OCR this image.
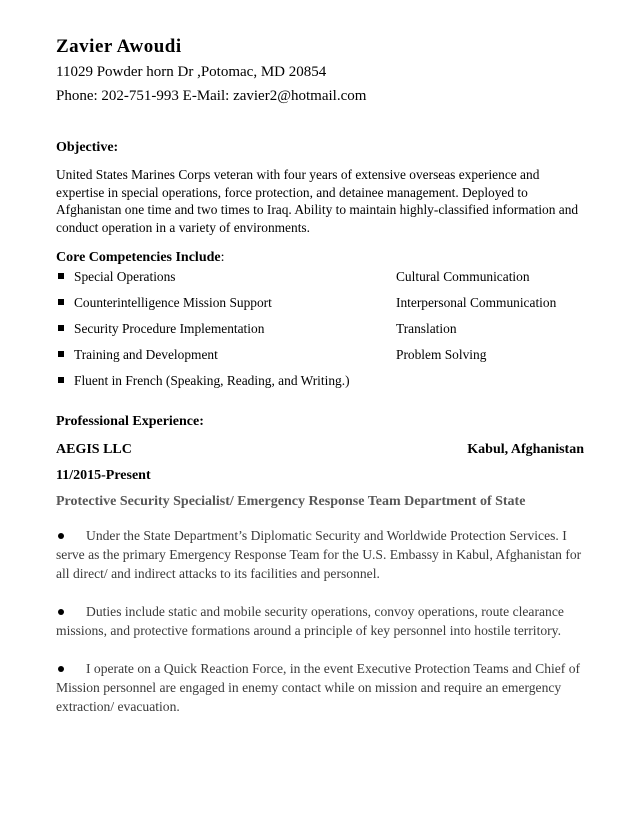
Zavier Awoudi

11029 Powder horn Dr ,Potomac, MD 20854

Phone: 202-751-993 E-Mail: zavier2@hotmail.com

Objective:

United States Marines Corps veteran with four years of extensive overseas experience and expertise in special operations, force protection, and detainee management. Deployed to Afghanistan one time and two times to Iraq. Ability to maintain highly-classified information and conduct operation in a variety of environments.

Core Competencies Include:

Special Operations	Cultural Communication
Counterintelligence Mission Support	Interpersonal Communication
Security Procedure Implementation	Translation
Training and Development	Problem Solving
Fluent in French (Speaking, Reading, and Writing.)

Professional Experience:

AEGIS LLC	Kabul, Afghanistan

11/2015-Present

Protective Security Specialist/ Emergency Response Team Department of State

Under the State Department’s Diplomatic Security and Worldwide Protection Services. I serve as the primary Emergency Response Team for the U.S. Embassy in Kabul, Afghanistan for all direct/ and indirect attacks to its facilities and personnel.

Duties include static and mobile security operations, convoy operations, route clearance missions, and protective formations around a principle of key personnel into hostile territory.

I operate on a Quick Reaction Force, in the event Executive Protection Teams and Chief of Mission personnel are engaged in enemy contact while on mission and require an emergency extraction/ evacuation.
